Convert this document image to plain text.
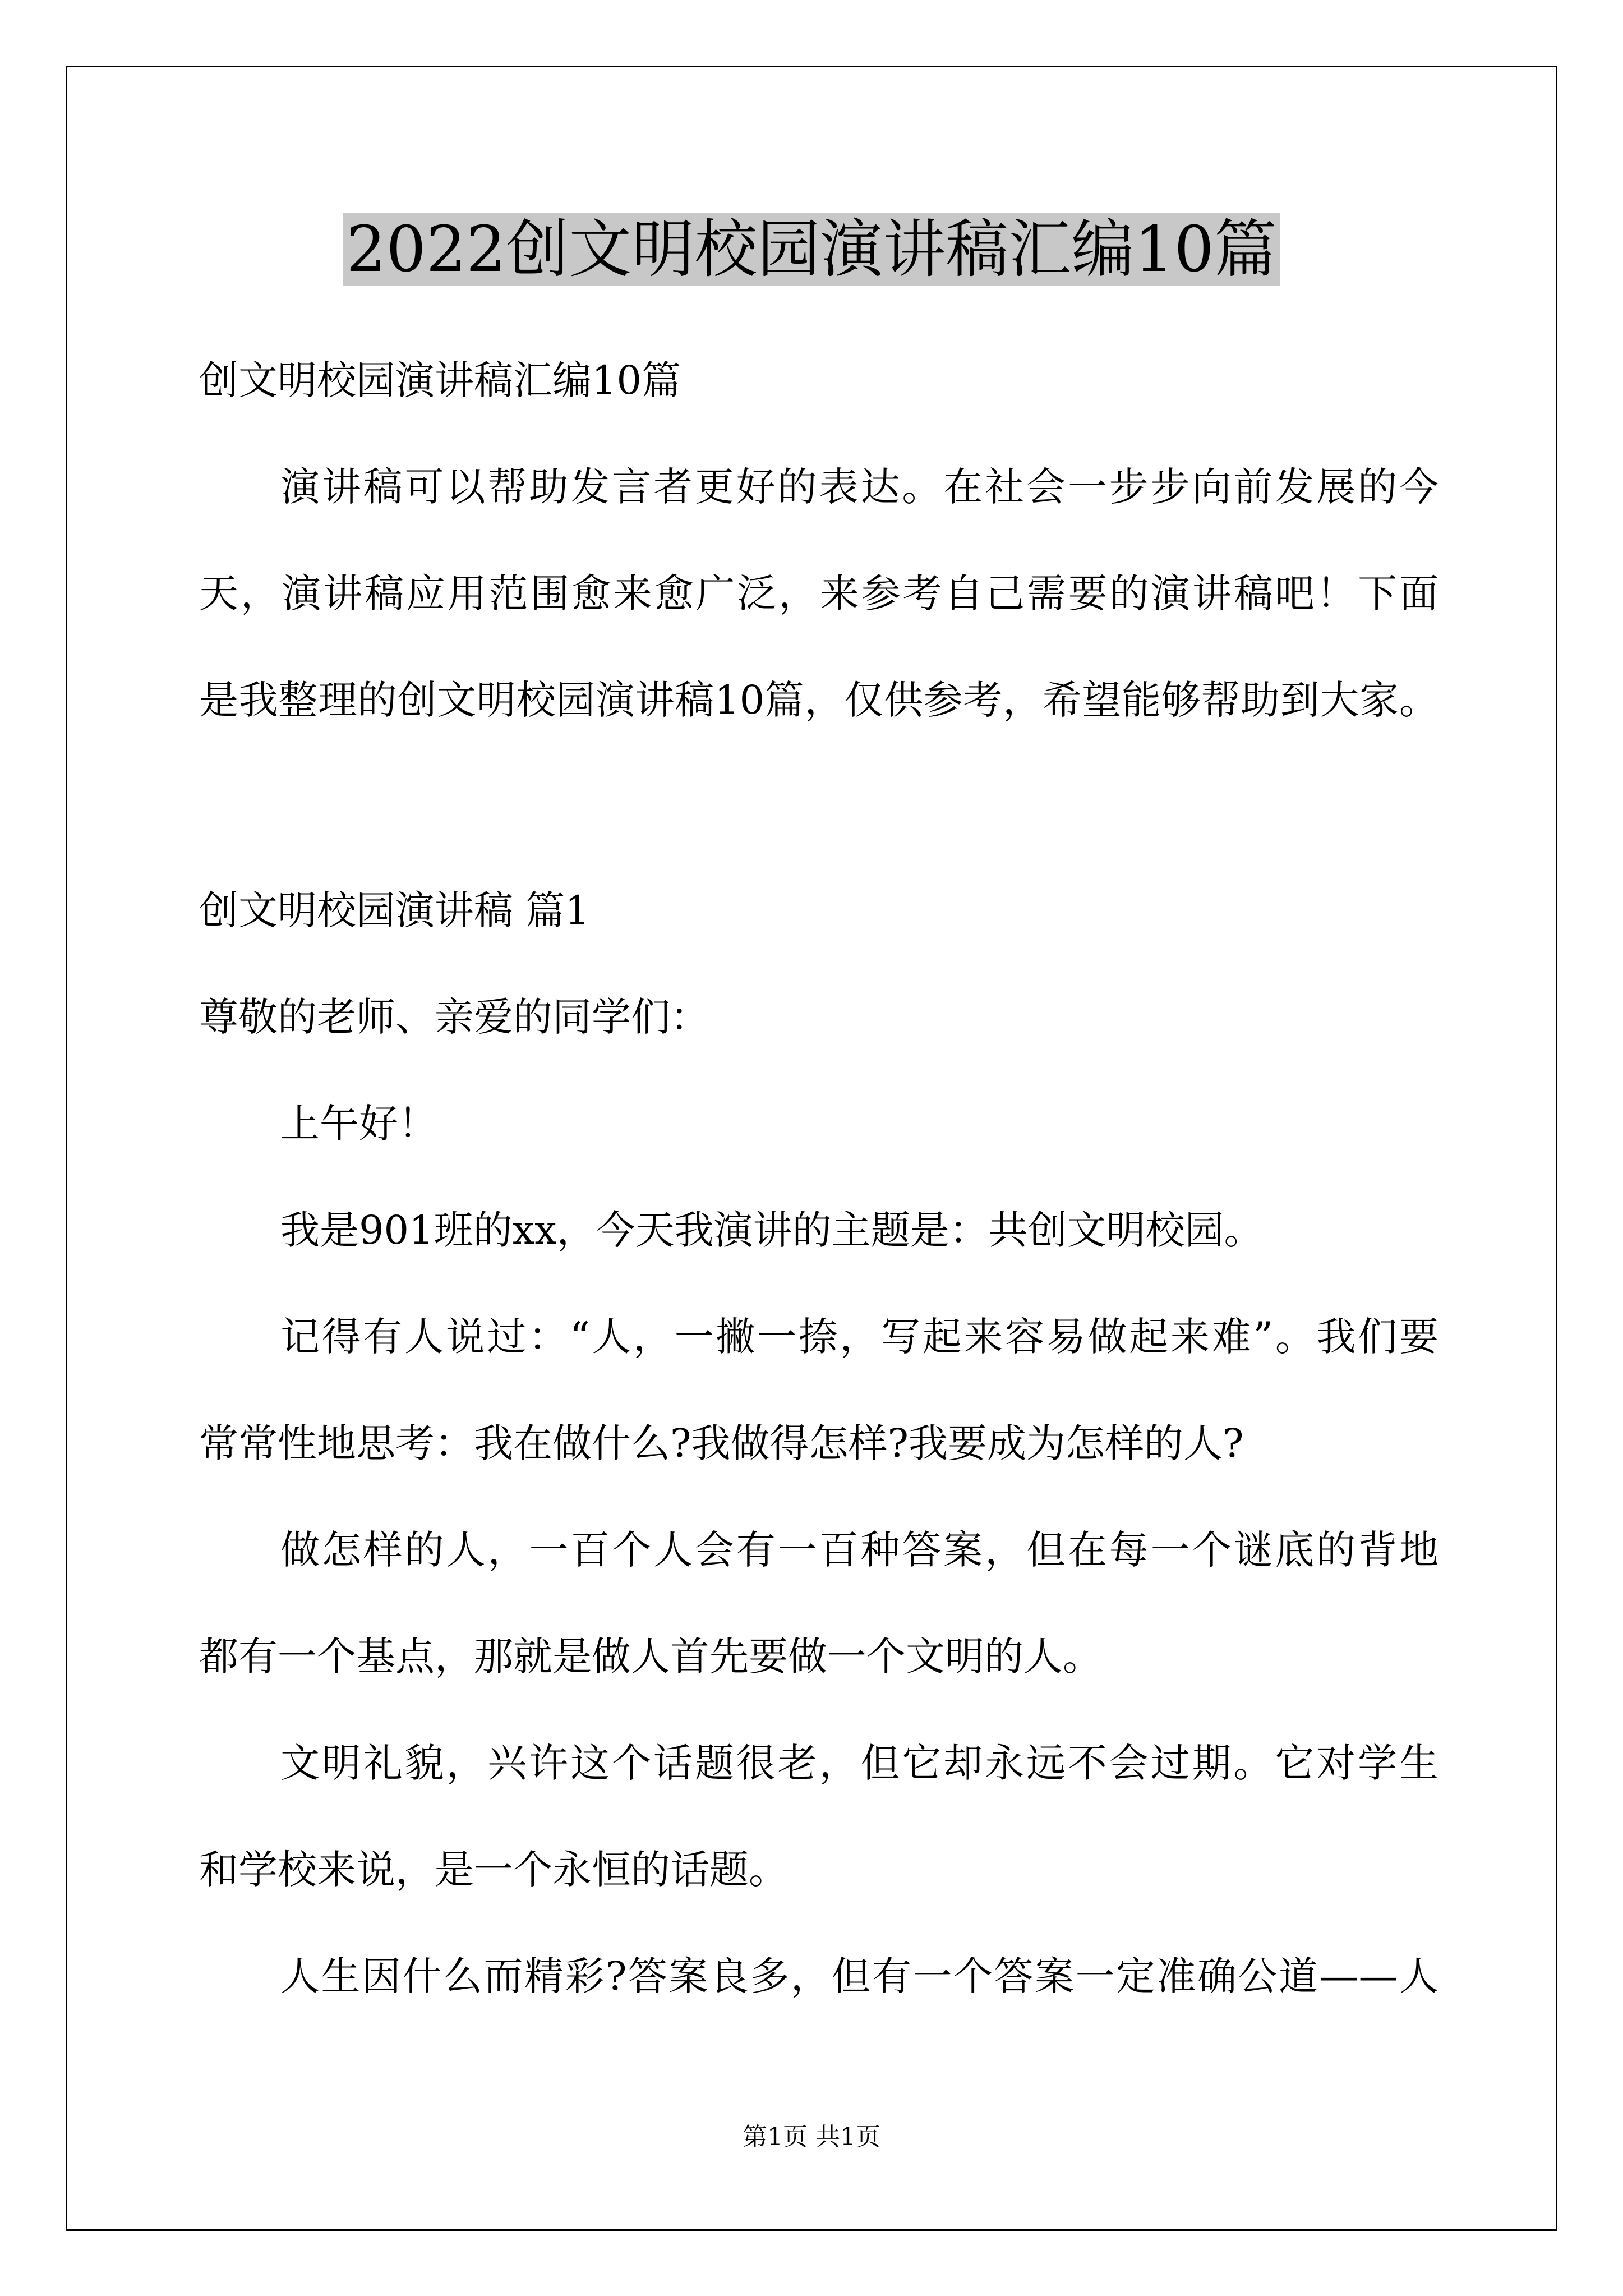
2022创文明校园演讲稿汇编10篇
创文明校园演讲稿汇编10篇
演讲稿可以帮助发言者更好的表达。在社会一步步向前发展的今
天，演讲稿应用范围愈来愈广泛，来参考自己需要的演讲稿吧！下面
是我整理的创文明校园演讲稿10篇，仅供参考，希望能够帮助到大家。
创文明校园演讲稿 篇1
尊敬的老师、亲爱的同学们：
上午好！
我是901班的xx，今天我演讲的主题是：共创文明校园。
记得有人说过：“人，一撇一捺，写起来容易做起来难”。我们要
常常性地思考：我在做什么?我做得怎样?我要成为怎样的人?
做怎样的人，一百个人会有一百种答案，但在每一个谜底的背地
都有一个基点，那就是做人首先要做一个文明的人。
文明礼貌，兴许这个话题很老，但它却永远不会过期。它对学生
和学校来说，是一个永恒的话题。
人生因什么而精彩?答案良多，但有一个答案一定准确公道——人
第1页 共1页
